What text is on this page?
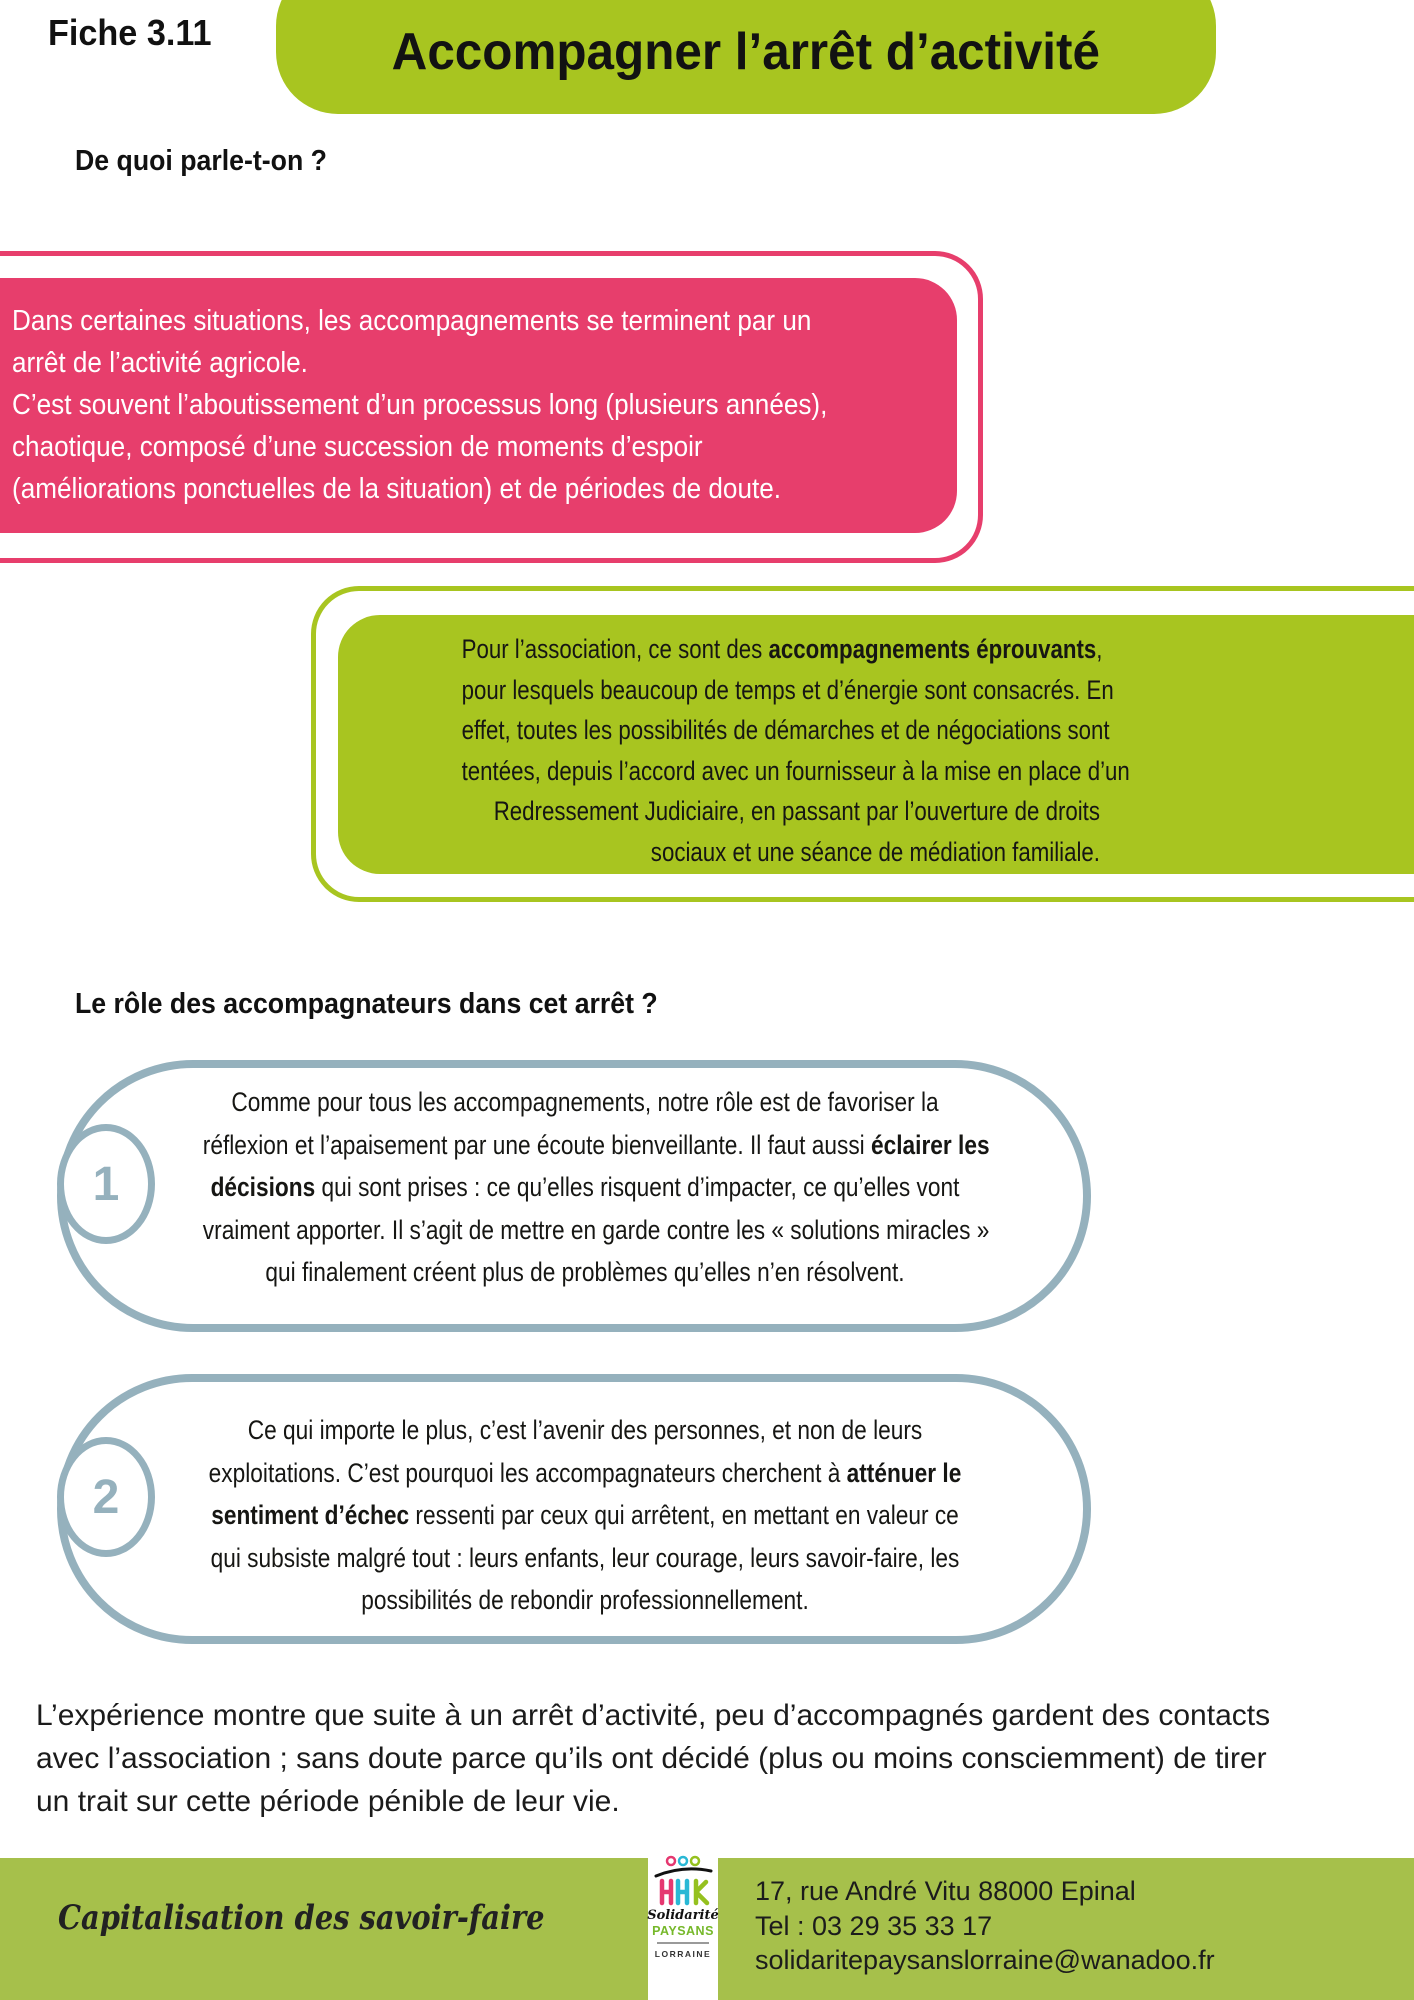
Fiche 3.11	Accompagner l’arrêt d’activité
De quoi parle-t-on ?
Dans certaines situations, les accompagnements se terminent par un
arrêt de l’activité agricole.
C’est souvent l’aboutissement d’un processus long (plusieurs années),
chaotique, composé d’une succession de moments d’espoir
(améliorations ponctuelles de la situation) et de périodes de doute.
Pour l’association, ce sont des accompagnements éprouvants,
pour lesquels beaucoup de temps et d’énergie sont consacrés. En
effet, toutes les possibilités de démarches et de négociations sont
tentées, depuis l’accord avec un fournisseur à la mise en place d’un
Redressement Judiciaire, en passant par l’ouverture de droits
sociaux et une séance de médiation familiale.
Le rôle des accompagnateurs dans cet arrêt ?
Comme pour tous les accompagnements, notre rôle est de favoriser la
réflexion et l’apaisement par une écoute bienveillante. Il faut aussi éclairer les
décisions qui sont prises : ce qu’elles risquent d’impacter, ce qu’elles vont
vraiment apporter. Il s’agit de mettre en garde contre les « solutions miracles »
qui finalement créent plus de problèmes qu’elles n’en résolvent.
1
Ce qui importe le plus, c’est l’avenir des personnes, et non de leurs
exploitations. C’est pourquoi les accompagnateurs cherchent à atténuer le
sentiment d’échec ressenti par ceux qui arrêtent, en mettant en valeur ce
qui subsiste malgré tout : leurs enfants, leur courage, leurs savoir-faire, les
possibilités de rebondir professionnellement.
2
L’expérience montre que suite à un arrêt d’activité, peu d’accompagnés gardent des contacts
avec l’association ; sans doute parce qu’ils ont décidé (plus ou moins consciemment) de tirer
un trait sur cette période pénible de leur vie.
Capitalisation des savoir-faire	Solidarité
PAYSANS
LORRAINE
17, rue André Vitu 88000 Epinal
Tel : 03 29 35 33 17
solidaritepaysanslorraine@wanadoo.fr
